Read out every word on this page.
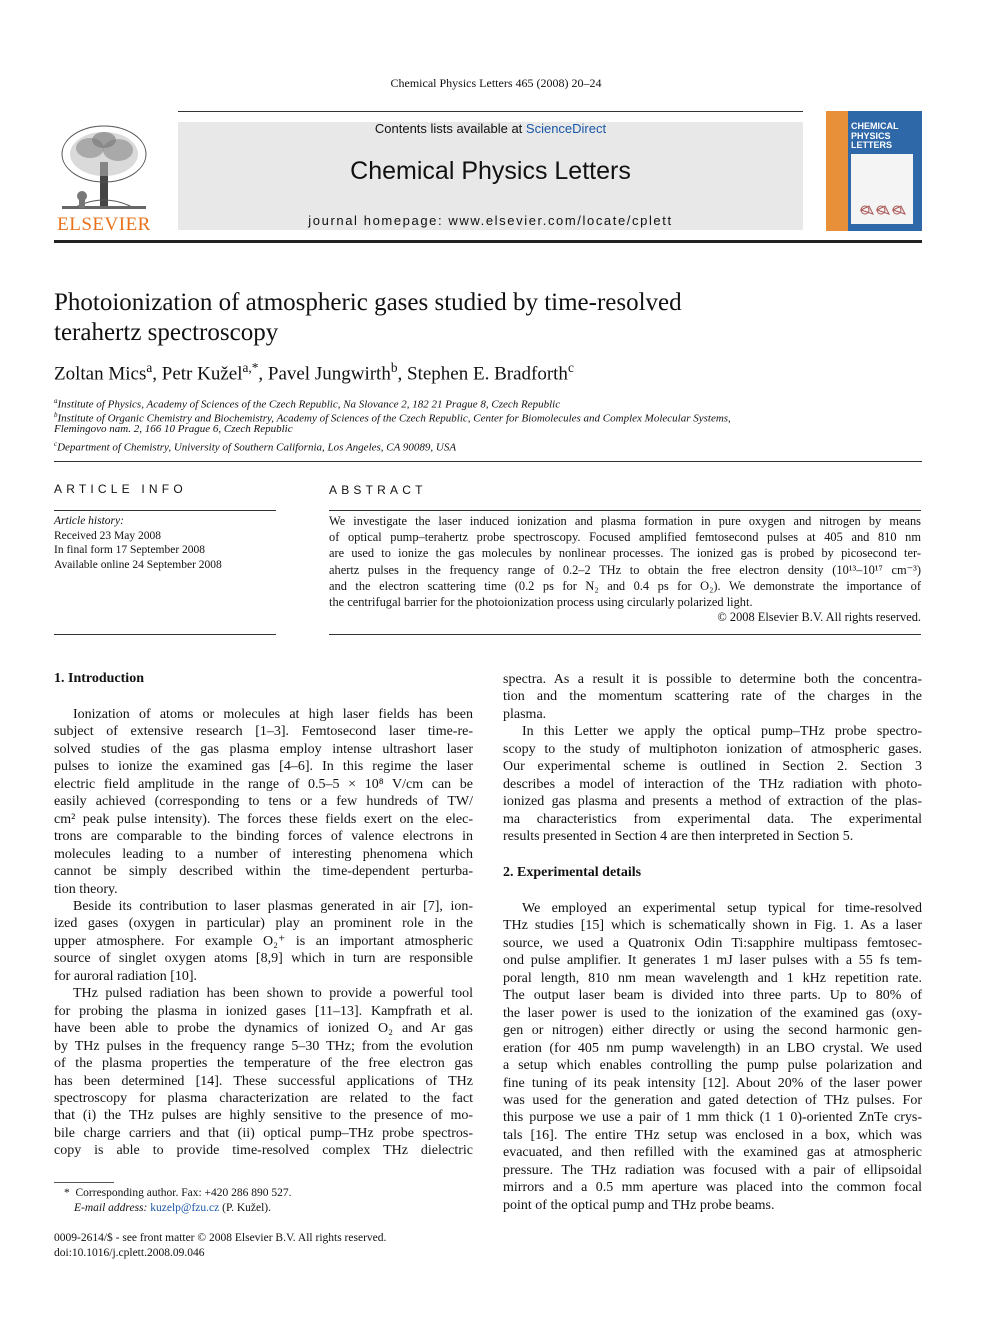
Chemical Physics Letters 465 (2008) 20–24
ELSEVIER
Contents lists available at ScienceDirect
Chemical Physics Letters
journal homepage: www.elsevier.com/locate/cplett
CHEMICAL
PHYSICS
LETTERS
Photoionization of atmospheric gases studied by time-resolved
terahertz spectroscopy
Zoltan Mics$^a$, Petr Kužel$^{a,*}$, Pavel Jungwirth$^b$, Stephen E. Bradforth$^c$
$^a$Institute of Physics, Academy of Sciences of the Czech Republic, Na Slovance 2, 182 21 Prague 8, Czech Republic
$^b$Institute of Organic Chemistry and Biochemistry, Academy of Sciences of the Czech Republic, Center for Biomolecules and Complex Molecular Systems,
Flemingovo nam. 2, 166 10 Prague 6, Czech Republic
$^c$Department of Chemistry, University of Southern California, Los Angeles, CA 90089, USA
ARTICLE INFO
Article history:
Received 23 May 2008
In final form 17 September 2008
Available online 24 September 2008
ABSTRACT
We investigate the laser induced ionization and plasma formation in pure oxygen and nitrogen by means
of optical pump–terahertz probe spectroscopy. Focused amplified femtosecond pulses at 405 and 810 nm
are used to ionize the gas molecules by nonlinear processes. The ionized gas is probed by picosecond ter-
ahertz pulses in the frequency range of 0.2–2 THz to obtain the free electron density (10¹³–10¹⁷ cm⁻³)
and the electron scattering time (0.2 ps for N₂ and 0.4 ps for O₂). We demonstrate the importance of
the centrifugal barrier for the photoionization process using circularly polarized light.
© 2008 Elsevier B.V. All rights reserved.
1. Introduction
Ionization of atoms or molecules at high laser fields has been
subject of extensive research [1–3]. Femtosecond laser time-re-
solved studies of the gas plasma employ intense ultrashort laser
pulses to ionize the examined gas [4–6]. In this regime the laser
electric field amplitude in the range of 0.5–5 × 10⁸ V/cm can be
easily achieved (corresponding to tens or a few hundreds of TW/
cm² peak pulse intensity). The forces these fields exert on the elec-
trons are comparable to the binding forces of valence electrons in
molecules leading to a number of interesting phenomena which
cannot be simply described within the time-dependent perturba-
tion theory.
Beside its contribution to laser plasmas generated in air [7], ion-
ized gases (oxygen in particular) play an prominent role in the
upper atmosphere. For example O₂⁺ is an important atmospheric
source of singlet oxygen atoms [8,9] which in turn are responsible
for auroral radiation [10].
THz pulsed radiation has been shown to provide a powerful tool
for probing the plasma in ionized gases [11–13]. Kampfrath et al.
have been able to probe the dynamics of ionized O₂ and Ar gas
by THz pulses in the frequency range 5–30 THz; from the evolution
of the plasma properties the temperature of the free electron gas
has been determined [14]. These successful applications of THz
spectroscopy for plasma characterization are related to the fact
that (i) the THz pulses are highly sensitive to the presence of mo-
bile charge carriers and that (ii) optical pump–THz probe spectros-
copy is able to provide time-resolved complex THz dielectric
spectra. As a result it is possible to determine both the concentra-
tion and the momentum scattering rate of the charges in the
plasma.
In this Letter we apply the optical pump–THz probe spectro-
scopy to the study of multiphoton ionization of atmospheric gases.
Our experimental scheme is outlined in Section 2. Section 3
describes a model of interaction of the THz radiation with photo-
ionized gas plasma and presents a method of extraction of the plas-
ma characteristics from experimental data. The experimental
results presented in Section 4 are then interpreted in Section 5.
2. Experimental details
We employed an experimental setup typical for time-resolved
THz studies [15] which is schematically shown in Fig. 1. As a laser
source, we used a Quatronix Odin Ti:sapphire multipass femtosec-
ond pulse amplifier. It generates 1 mJ laser pulses with a 55 fs tem-
poral length, 810 nm mean wavelength and 1 kHz repetition rate.
The output laser beam is divided into three parts. Up to 80% of
the laser power is used to the ionization of the examined gas (oxy-
gen or nitrogen) either directly or using the second harmonic gen-
eration (for 405 nm pump wavelength) in an LBO crystal. We used
a setup which enables controlling the pump pulse polarization and
fine tuning of its peak intensity [12]. About 20% of the laser power
was used for the generation and gated detection of THz pulses. For
this purpose we use a pair of 1 mm thick (1 1 0)-oriented ZnTe crys-
tals [16]. The entire THz setup was enclosed in a box, which was
evacuated, and then refilled with the examined gas at atmospheric
pressure. The THz radiation was focused with a pair of ellipsoidal
mirrors and a 0.5 mm aperture was placed into the common focal
point of the optical pump and THz probe beams.
* Corresponding author. Fax: +420 286 890 527.
E-mail address: kuzelp@fzu.cz (P. Kužel).
0009-2614/$ - see front matter © 2008 Elsevier B.V. All rights reserved.
doi:10.1016/j.cplett.2008.09.046
